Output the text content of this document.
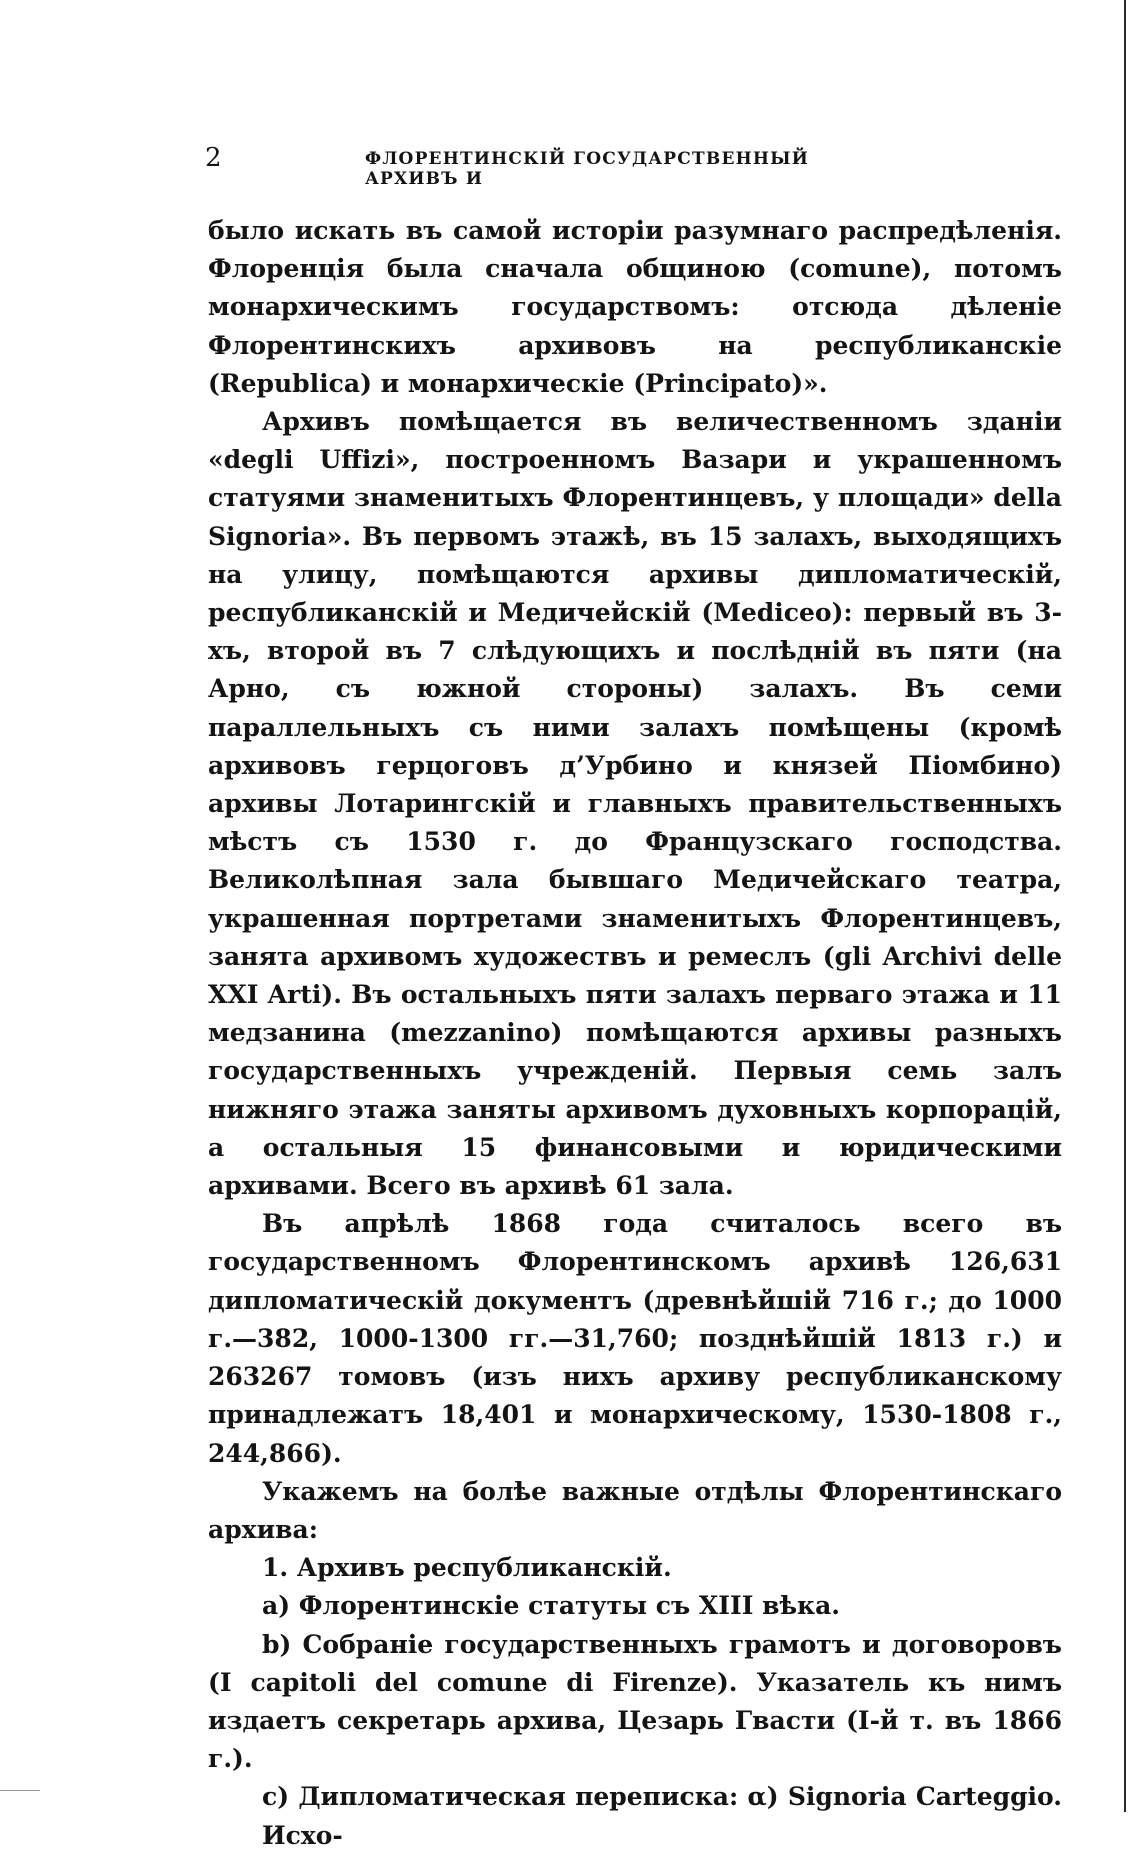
2	ФЛОРЕНТИНСКІЙ ГОСУДАРСТВЕННЫЙ АРХИВЪ И

было искать въ самой исторіи разумнаго распредѣленія. Флоренція была сначала общиною (comune), потомъ монархическимъ государствомъ: отсюда дѣленіе Флорентинскихъ архивовъ на республиканскіе (Republica) и монархическіе (Principato)».

Архивъ помѣщается въ величественномъ зданіи «degli Uffizi», построенномъ Вазари и украшенномъ статуями знаменитыхъ Флорентинцевъ, у площади» della Signoria». Въ первомъ этажѣ, въ 15 залахъ, выходящихъ на улицу, помѣщаются архивы дипломатическій, республиканскій и Медичейскій (Mediceo): первый въ 3-хъ, второй въ 7 слѣдующихъ и послѣдній въ пяти (на Арно, съ южной стороны) залахъ. Въ семи параллельныхъ съ ними залахъ помѣщены (кромѣ архивовъ герцоговъ д’Урбино и князей Піомбино) архивы Лотарингскій и главныхъ правительственныхъ мѣстъ съ 1530 г. до Французскаго господства. Великолѣпная зала бывшаго Медичейскаго театра, украшенная портретами знаменитыхъ Флорентинцевъ, занята архивомъ художествъ и ремеслъ (gli Archivi delle XXI Arti). Въ остальныхъ пяти залахъ перваго этажа и 11 медзанина (mezzanino) помѣщаются архивы разныхъ государственныхъ учрежденій. Первыя семь залъ нижняго этажа заняты архивомъ духовныхъ корпорацій, а остальныя 15 финансовыми и юридическими архивами. Всего въ архивѣ 61 зала.

Въ апрѣлѣ 1868 года считалось всего въ государственномъ Флорентинскомъ архивѣ 126,631 дипломатическій документъ (древнѣйшій 716 г.; до 1000 г.—382, 1000-1300 гг.—31,760; позднѣйшій 1813 г.) и 263267 томовъ (изъ нихъ архиву республиканскому принадлежатъ 18,401 и монархическому, 1530-1808 г., 244,866).

Укажемъ на болѣе важные отдѣлы Флорентинскаго архива:

1. Архивъ республиканскій.

a) Флорентинскіе статуты съ XIII вѣка.

b) Собраніе государственныхъ грамотъ и договоровъ (I capitoli del comune di Firenze). Указатель къ нимъ издаетъ секретарь архива, Цезарь Гвасти (I-й т. въ 1866 г.).

c) Дипломатическая переписка: α) Signoria Carteggio. Исхо-
